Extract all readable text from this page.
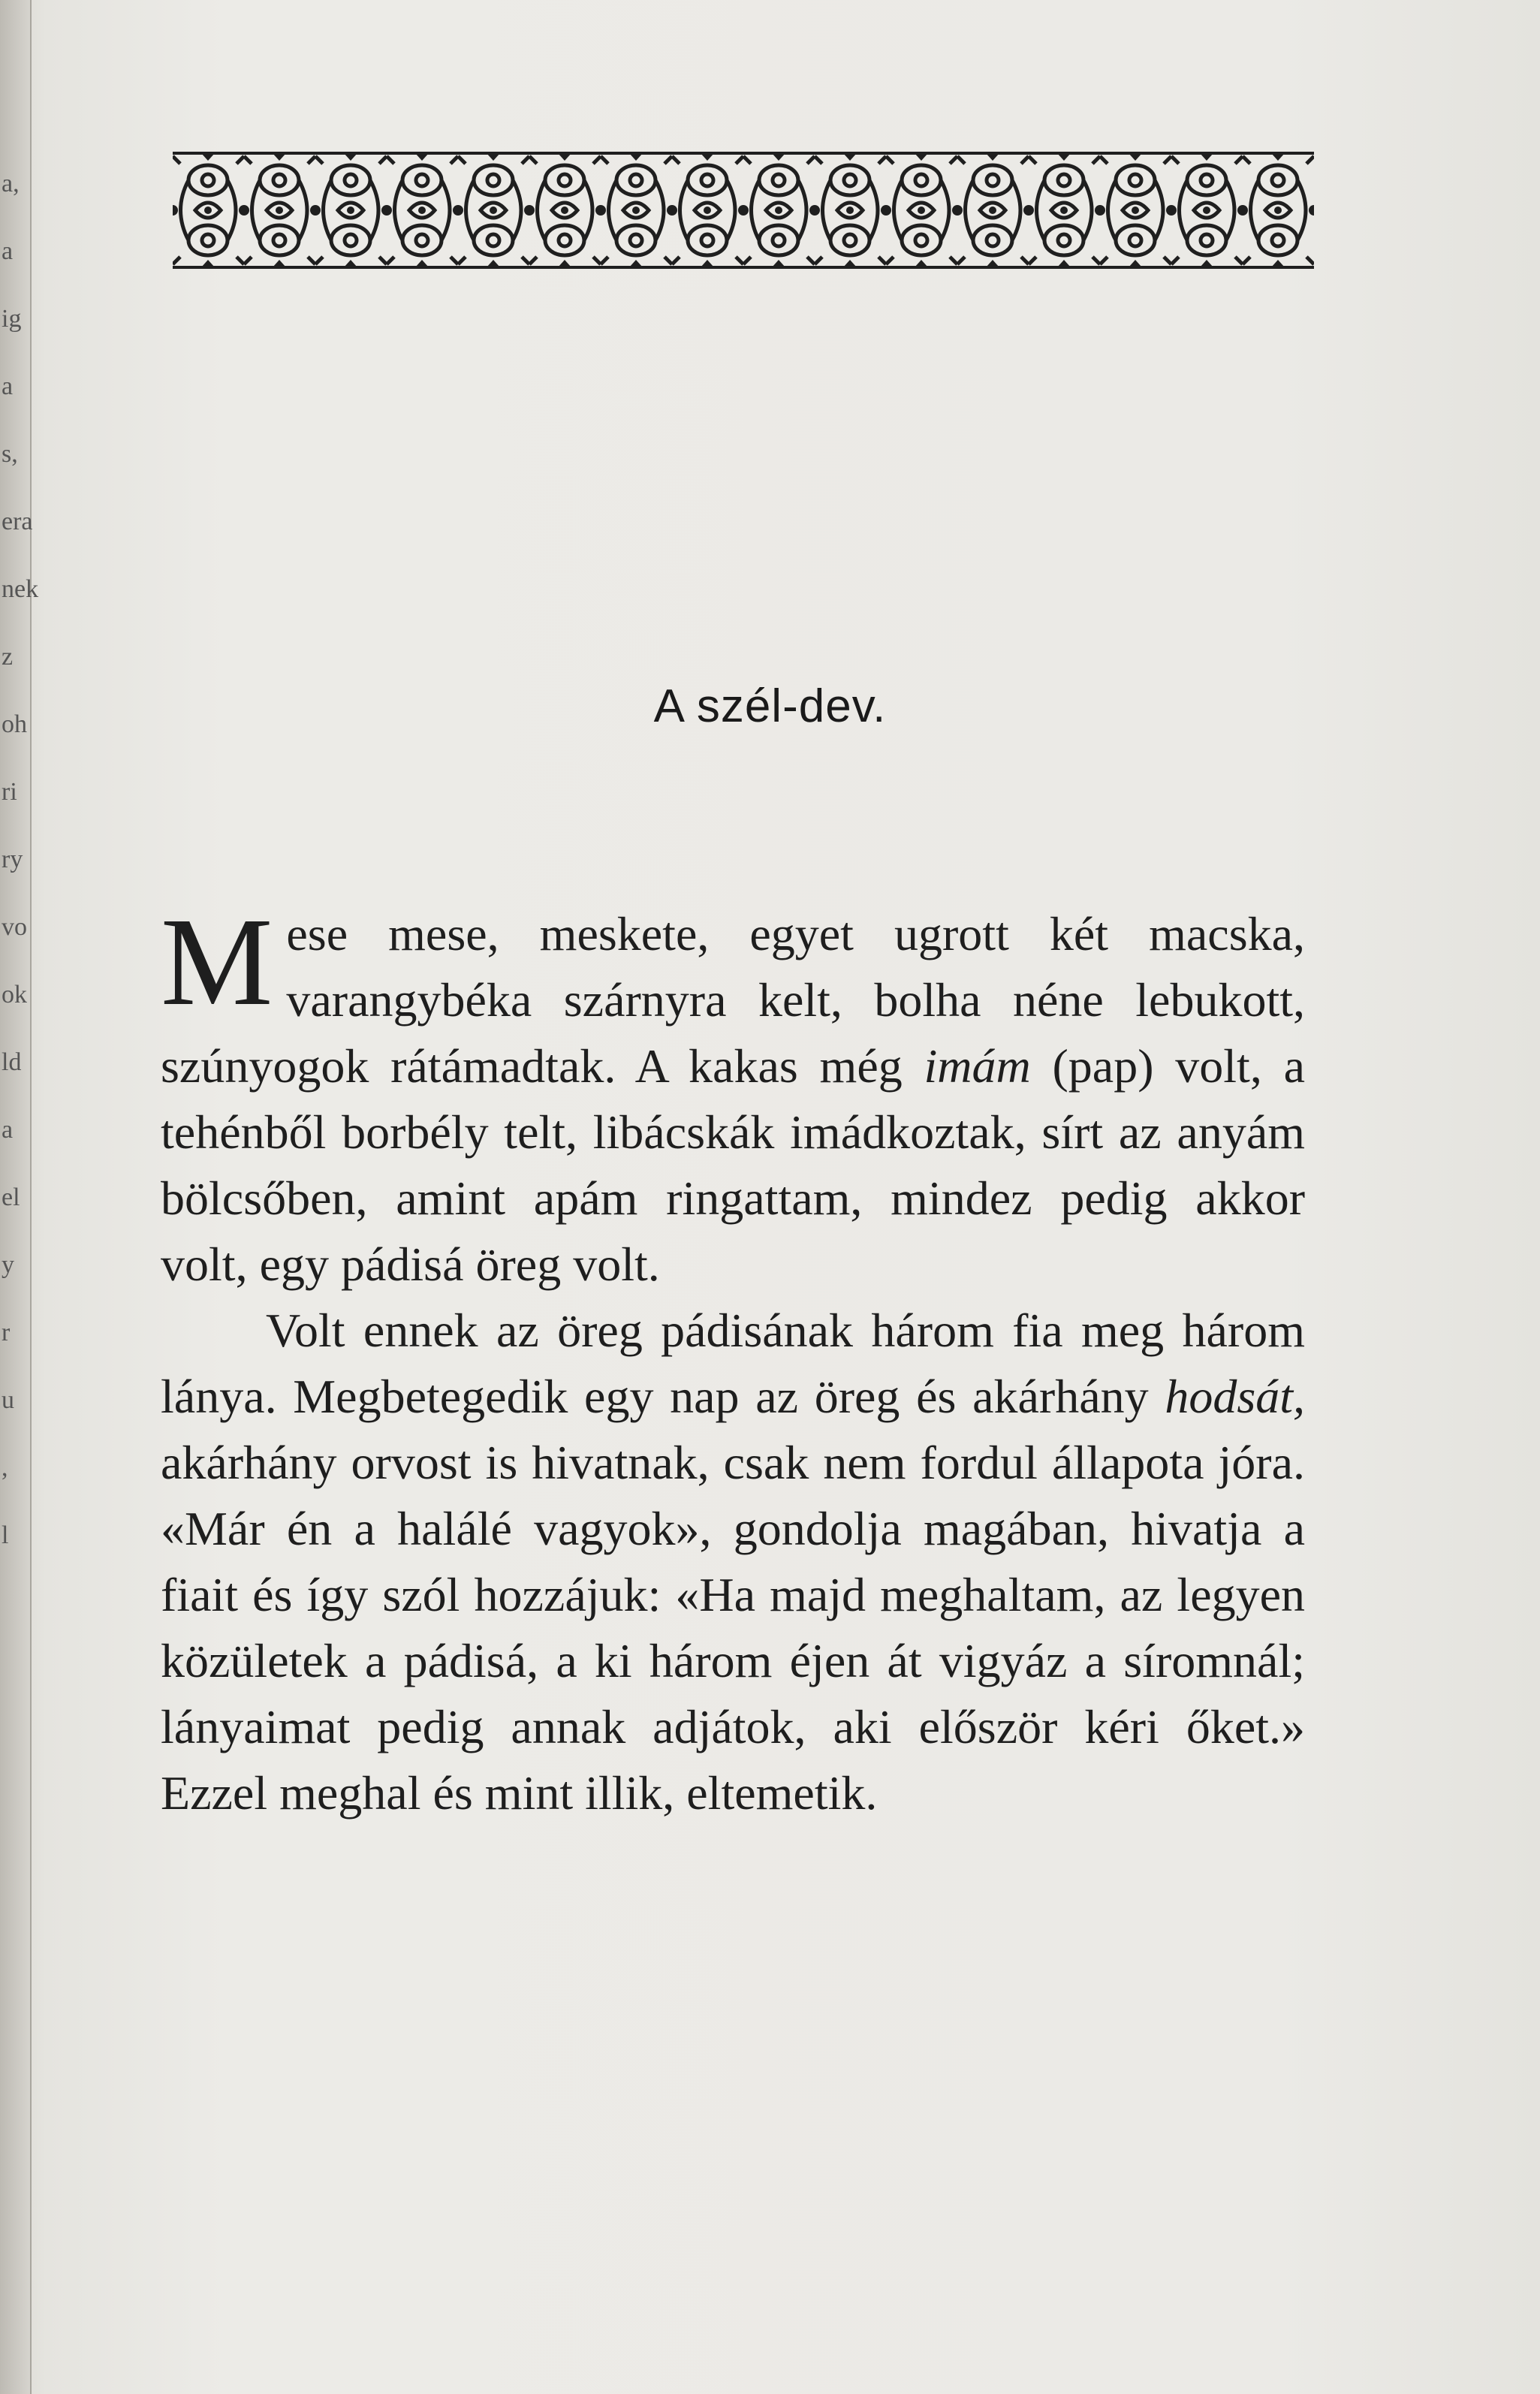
a,
a
ig
a
s,
era
nek
z
oh
ri
ry
vo
ok
ld
a
el
y
r
u
,
l
A szél-dev.

Mese mese, meskete, egyet ugrott két macska, varangybéka szárnyra kelt, bolha néne lebukott, szúnyogok rátámadtak. A kakas még imám (pap) volt, a tehénből borbély telt, libácskák imádkoztak, sírt az anyám bölcsőben, amint apám ringattam, mindez pedig akkor volt, egy pádisá öreg volt.

Volt ennek az öreg pádisának három fia meg három lánya. Megbetegedik egy nap az öreg és akárhány hodsát, akárhány orvost is hivatnak, csak nem fordul állapota jóra. «Már én a halálé vagyok», gondolja magában, hivatja a fiait és így szól hozzájuk: «Ha majd meghaltam, az legyen közületek a pádisá, a ki három éjen át vigyáz a síromnál; lányaimat pedig annak adjátok, aki először kéri őket.» Ezzel meghal és mint illik, eltemetik.
